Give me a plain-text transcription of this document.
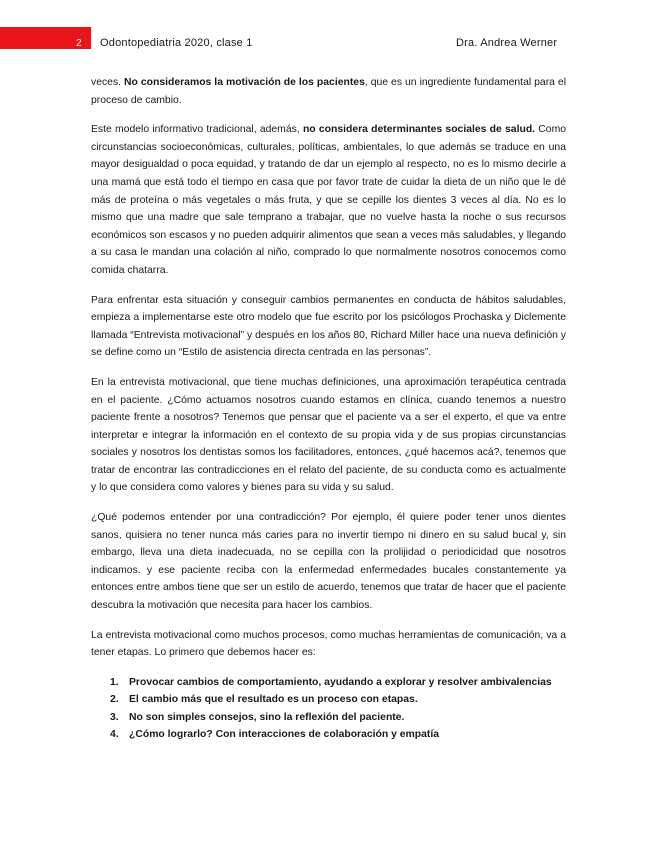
2 Odontopediatria 2020, clase 1	Dra. Andrea Werner

veces. No consideramos la motivación de los pacientes, que es un ingrediente fundamental para el proceso de cambio.

Este modelo informativo tradicional, además, no considera determinantes sociales de salud. Como circunstancias socioeconómicas, culturales, políticas, ambientales, lo que además se traduce en una mayor desigualdad o poca equidad, y tratando de dar un ejemplo al respecto, no es lo mismo decirle a una mamá que está todo el tiempo en casa que por favor trate de cuidar la dieta de un niño que le dé más de proteína o más vegetales o más fruta, y que se cepille los dientes 3 veces al día. No es lo mismo que una madre que sale temprano a trabajar, que no vuelve hasta la noche o sus recursos económicos son escasos y no pueden adquirir alimentos que sean a veces más saludables, y llegando a su casa le mandan una colación al niño, comprado lo que normalmente nosotros conocemos como comida chatarra.

Para enfrentar esta situación y conseguir cambios permanentes en conducta de hábitos saludables, empieza a implementarse este otro modelo que fue escrito por los psicólogos Prochaska y Diclemente llamada “Entrevista motivacional” y después en los años 80, Richard Miller hace una nueva definición y se define como un “Estilo de asistencia directa centrada en las personas”.

En la entrevista motivacional, que tiene muchas definiciones, una aproximación terapéutica centrada en el paciente. ¿Cómo actuamos nosotros cuando estamos en clínica, cuando tenemos a nuestro paciente frente a nosotros? Tenemos que pensar que el paciente va a ser el experto, el que va entre interpretar e integrar la información en el contexto de su propia vida y de sus propias circunstancias sociales y nosotros los dentistas somos los facilitadores, entonces, ¿qué hacemos acá?, tenemos que tratar de encontrar las contradicciones en el relato del paciente, de su conducta como es actualmente y lo que considera como valores y bienes para su vida y su salud.

¿Qué podemos entender por una contradicción? Por ejemplo, él quiere poder tener unos dientes sanos, quisiera no tener nunca más caries para no invertir tiempo ni dinero en su salud bucal y, sin embargo, lleva una dieta inadecuada, no se cepilla con la prolijidad o periodicidad que nosotros indicamos. y ese paciente reciba con la enfermedad enfermedades bucales constantemente ya entonces entre ambos tiene que ser un estilo de acuerdo, tenemos que tratar de hacer que el paciente descubra la motivación que necesita para hacer los cambios.

La entrevista motivacional como muchos procesos, como muchas herramientas de comunicación, va a tener etapas. Lo primero que debemos hacer es:

1. Provocar cambios de comportamiento, ayudando a explorar y resolver ambivalencias
2. El cambio más que el resultado es un proceso con etapas.
3. No son simples consejos, sino la reflexión del paciente.
4. ¿Cómo lograrlo? Con interacciones de colaboración y empatía
